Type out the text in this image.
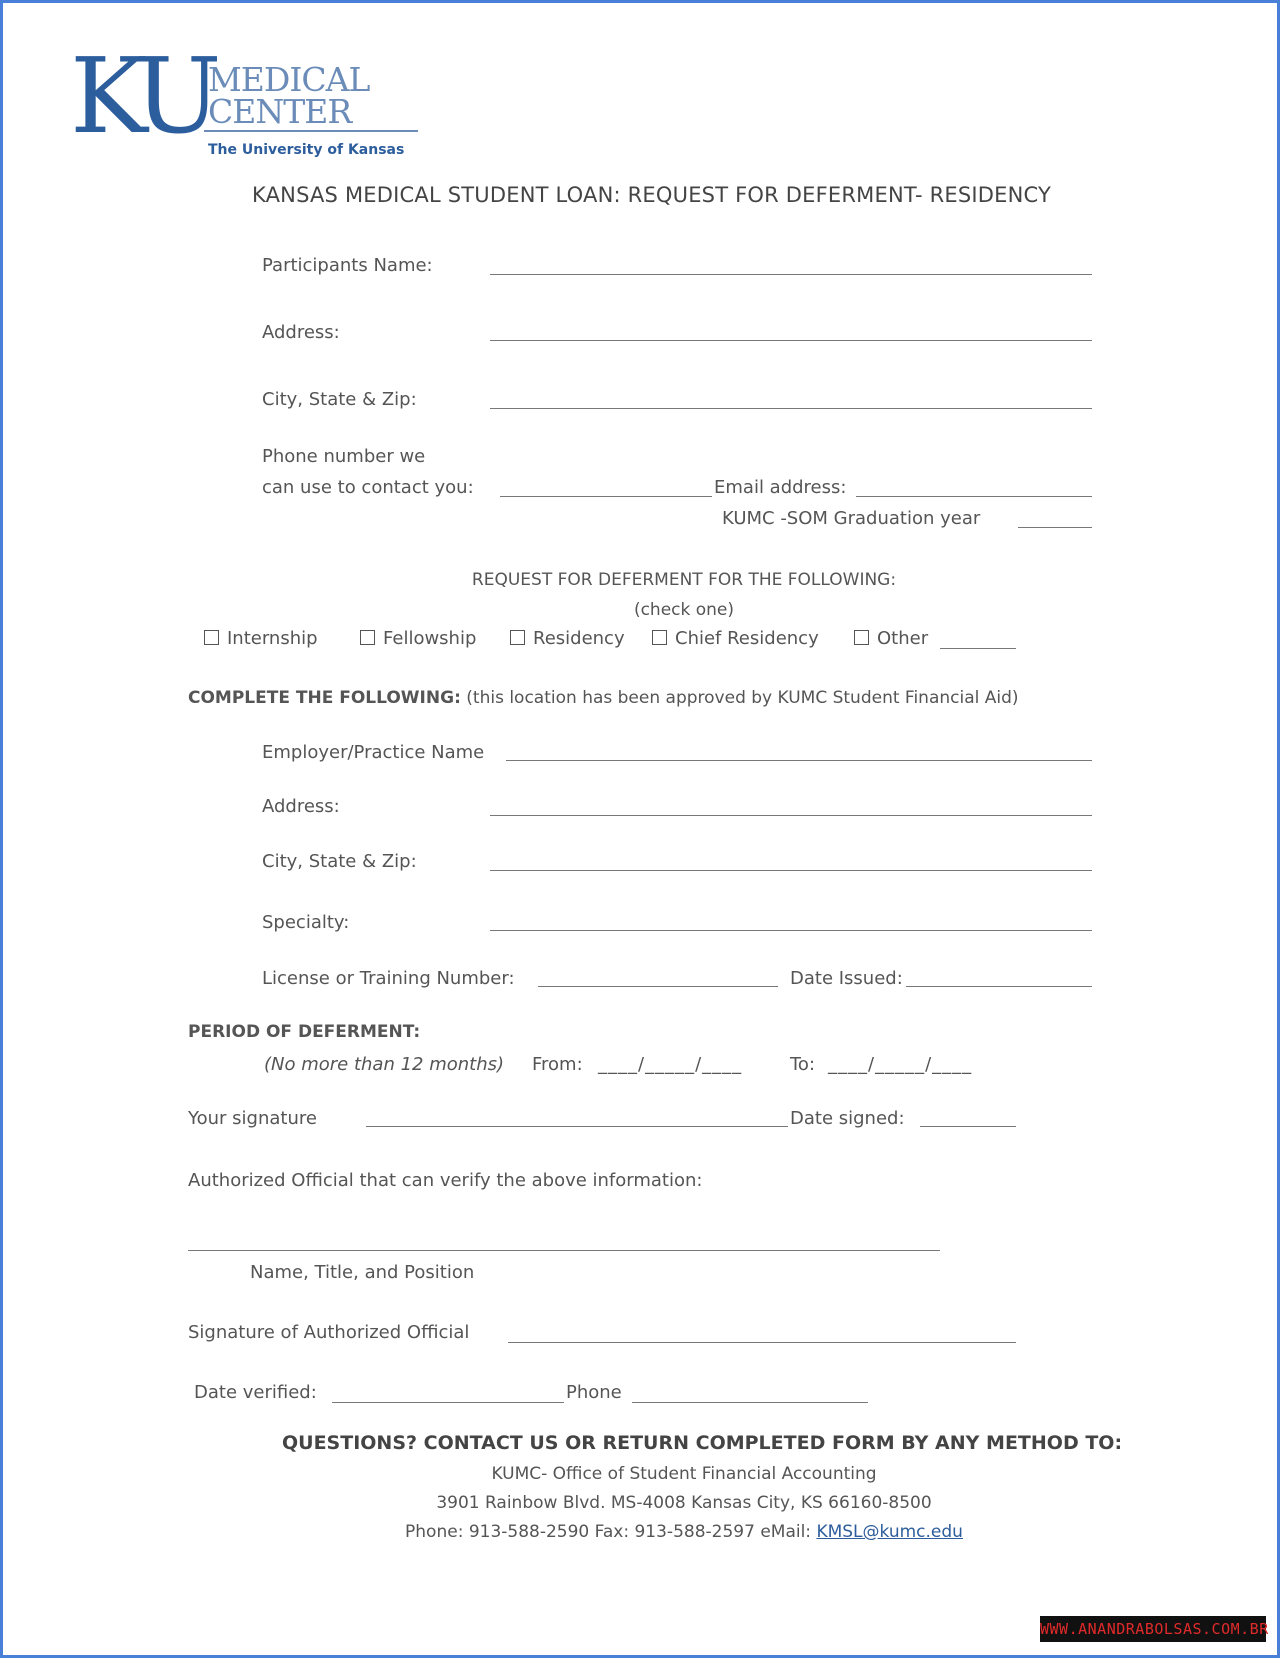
KU
MEDICAL
CENTER
The University of Kansas
KANSAS MEDICAL STUDENT LOAN: REQUEST FOR DEFERMENT- RESIDENCY
Participants Name:
Address:
City, State & Zip:
Phone number we
can use to contact you:	Email address:
KUMC -SOM Graduation year
REQUEST FOR DEFERMENT FOR THE FOLLOWING:
(check one)
Internship	Fellowship	Residency	Chief Residency	Other
COMPLETE THE FOLLOWING: (this location has been approved by KUMC Student Financial Aid)
Employer/Practice Name
Address:
City, State & Zip:
Specialty:
License or Training Number:	Date Issued:
PERIOD OF DEFERMENT:
(No more than 12 months) From: ____/_____/____	To: ____/_____/____
Your signature	Date signed:
Authorized Official that can verify the above information:
Name, Title, and Position
Signature of Authorized Official
Date verified:	Phone
QUESTIONS? CONTACT US OR RETURN COMPLETED FORM BY ANY METHOD TO:
KUMC- Office of Student Financial Accounting
3901 Rainbow Blvd. MS-4008 Kansas City, KS 66160-8500
Phone: 913-588-2590 Fax: 913-588-2597 eMail: KMSL@kumc.edu
WWW.ANANDRABOLSAS.COM.BR
